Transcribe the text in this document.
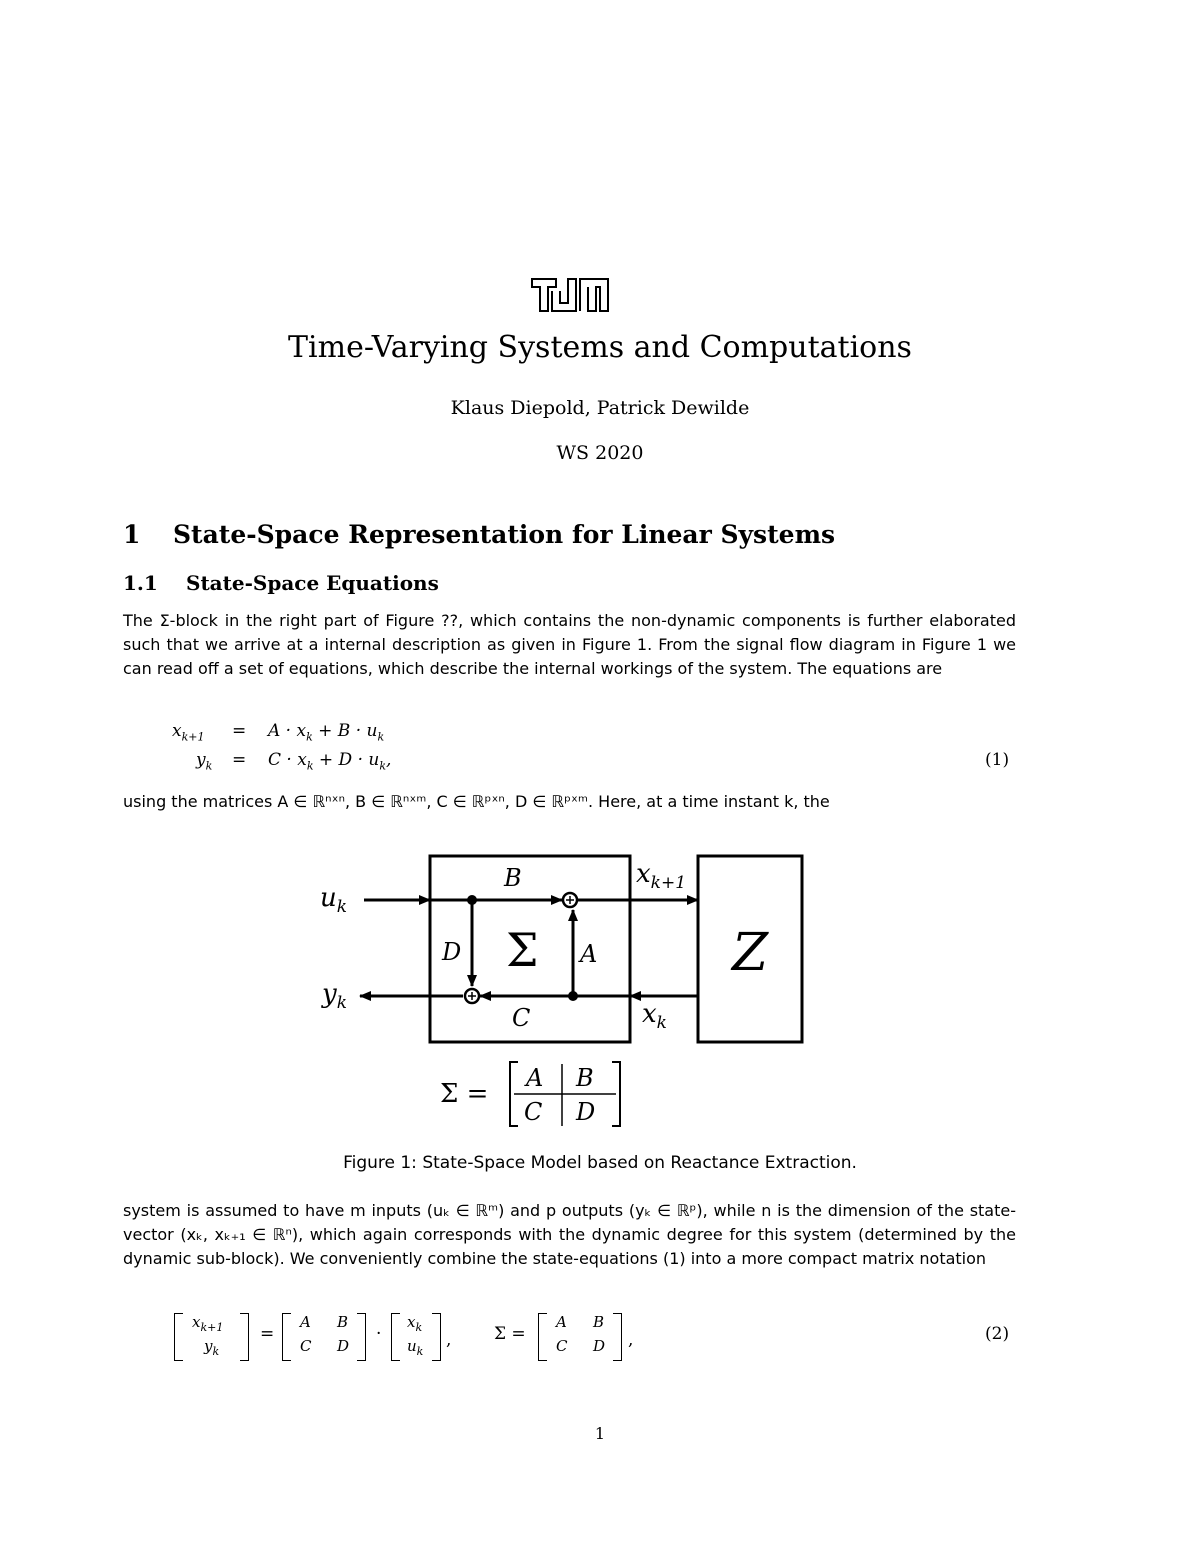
Time-Varying Systems and Computations
Klaus Diepold, Patrick Dewilde
WS 2020
1 State-Space Representation for Linear Systems
1.1 State-Space Equations
The Σ-block in the right part of Figure ??, which contains the non-dynamic components is further elaborated such that we arrive at a internal description as given in Figure 1. From the signal flow diagram in Figure 1 we can read off a set of equations, which describe the internal workings of the system. The equations are
$x_{k+1} = A \cdot x_k + B \cdot u_k$
$y_k = C \cdot x_k + D \cdot u_k$,	(1)
using the matrices A ∈ ℝⁿˣⁿ, B ∈ ℝⁿˣᵐ, C ∈ ℝᵖˣⁿ, D ∈ ℝᵖˣᵐ. Here, at a time instant k, the
$u_k$
$y_k$
$x_{k+1}$
$x_k$
B
D	A
C
Σ	Z
Σ =
A B
C D
Figure 1: State-Space Model based on Reactance Extraction.
system is assumed to have m inputs (uₖ ∈ ℝᵐ) and p outputs (yₖ ∈ ℝᵖ), while n is the dimension of the state-vector (xₖ, xₖ₊₁ ∈ ℝⁿ), which again corresponds with the dynamic degree for this system (determined by the dynamic sub-block). We conveniently combine the state-equations (1) into a more compact matrix notation
$x_{k+1}$
$y_k$
=
A B
C D
·
$x_k$
$u_k$
,	Σ =
A B
C D ,	(2)
1
